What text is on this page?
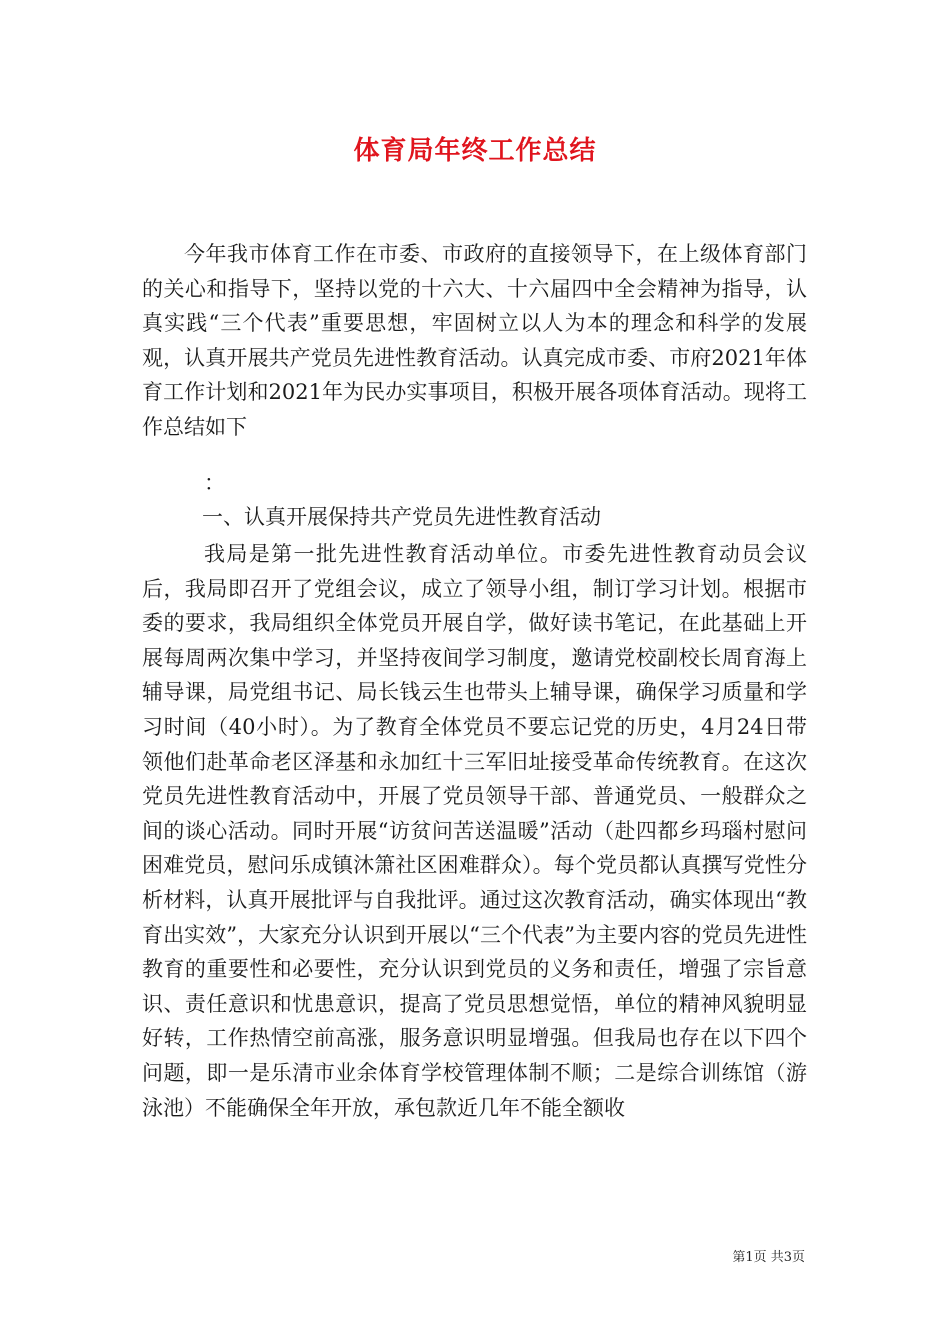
体育局年终工作总结

今年我市体育工作在市委、市政府的直接领导下，在上级体育部门的关心和指导下，坚持以党的十六大、十六届四中全会精神为指导，认真实践“三个代表”重要思想，牢固树立以人为本的理念和科学的发展观，认真开展共产党员先进性教育活动。认真完成市委、市府2021年体育工作计划和2021年为民办实事项目，积极开展各项体育活动。现将工作总结如下

：
一、认真开展保持共产党员先进性教育活动

我局是第一批先进性教育活动单位。市委先进性教育动员会议后，我局即召开了党组会议，成立了领导小组，制订学习计划。根据市委的要求，我局组织全体党员开展自学，做好读书笔记，在此基础上开展每周两次集中学习，并坚持夜间学习制度，邀请党校副校长周育海上辅导课，局党组书记、局长钱云生也带头上辅导课，确保学习质量和学习时间（40小时）。为了教育全体党员不要忘记党的历史，4月24日带领他们赴革命老区泽基和永加红十三军旧址接受革命传统教育。在这次党员先进性教育活动中，开展了党员领导干部、普通党员、一般群众之间的谈心活动。同时开展“访贫问苦送温暖”活动（赴四都乡玛瑙村慰问困难党员，慰问乐成镇沐箫社区困难群众）。每个党员都认真撰写党性分析材料，认真开展批评与自我批评。通过这次教育活动，确实体现出“教育出实效”，大家充分认识到开展以“三个代表”为主要内容的党员先进性教育的重要性和必要性，充分认识到党员的义务和责任，增强了宗旨意识、责任意识和忧患意识，提高了党员思想觉悟，单位的精神风貌明显好转，工作热情空前高涨，服务意识明显增强。但我局也存在以下四个问题，即一是乐清市业余体育学校管理体制不顺；二是综合训练馆（游泳池）不能确保全年开放，承包款近几年不能全额收

第1页 共3页
